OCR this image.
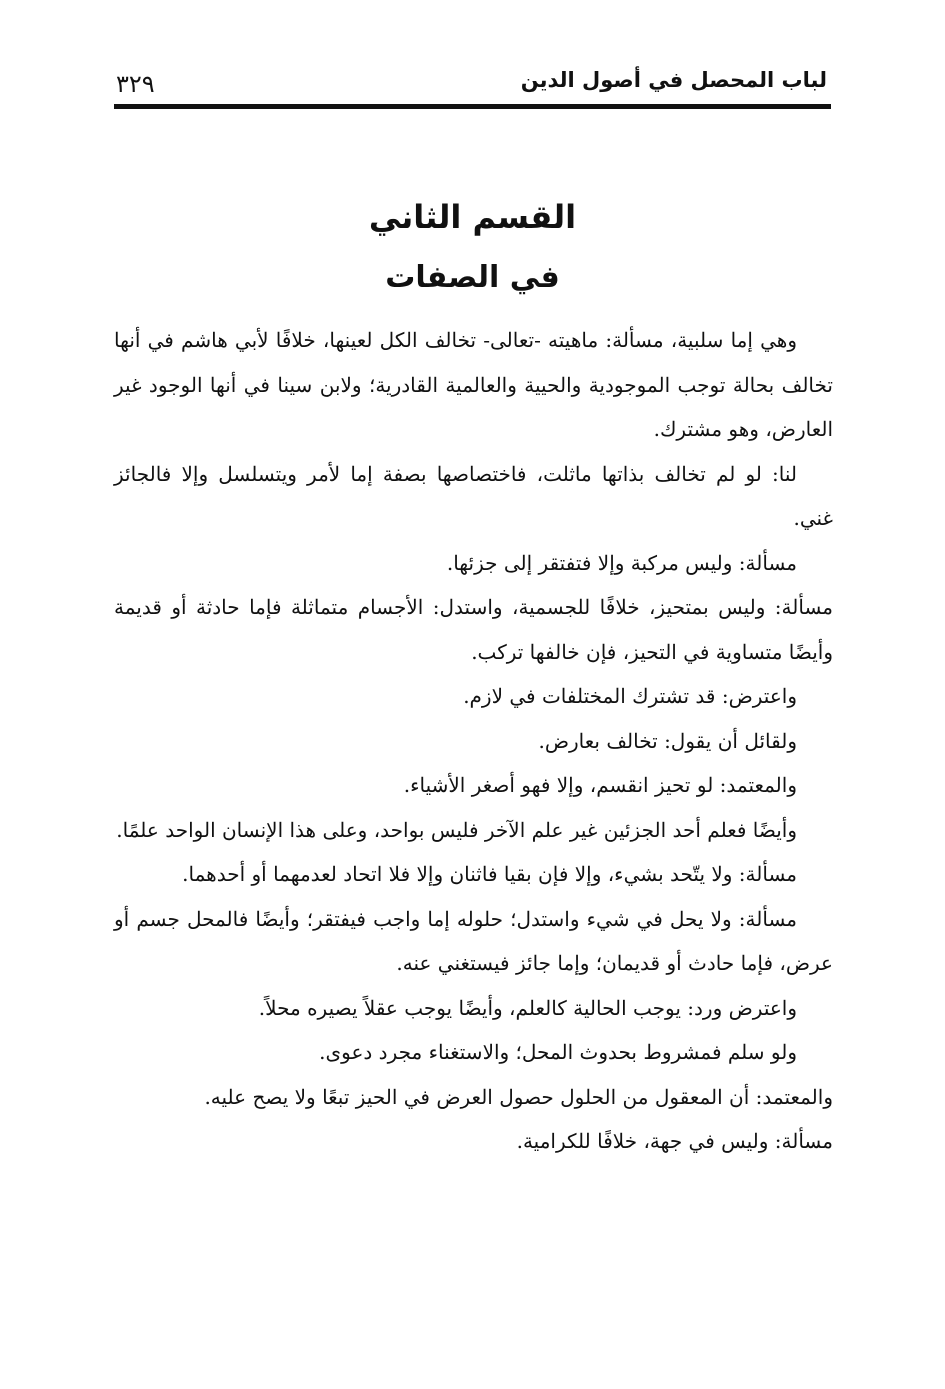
لباب المحصل في أصول الدين
٣٢٩
القسم الثاني
في الصفات

وهي إما سلبية، مسألة: ماهيته -تعالى- تخالف الكل لعينها، خلافًا لأبي هاشم في أنها تخالف بحالة توجب الموجودية والحيية والعالمية القادرية؛ ولابن سينا في أنها الوجود غير العارض، وهو مشترك.

لنا: لو لم تخالف بذاتها ماثلت، فاختصاصها بصفة إما لأمر ويتسلسل وإلا فالجائز غني.

مسألة: وليس مركبة وإلا فتفتقر إلى جزئها.

مسألة: وليس بمتحيز، خلافًا للجسمية، واستدل: الأجسام متماثلة فإما حادثة أو قديمة وأيضًا متساوية في التحيز، فإن خالفها تركب.

واعترض: قد تشترك المختلفات في لازم.

ولقائل أن يقول: تخالف بعارض.

والمعتمد: لو تحيز انقسم، وإلا فهو أصغر الأشياء.

وأيضًا فعلم أحد الجزئين غير علم الآخر فليس بواحد، وعلى هذا الإنسان الواحد علمًا.

مسألة: ولا يتّحد بشيء، وإلا فإن بقيا فاثنان وإلا فلا اتحاد لعدمهما أو أحدهما.

مسألة: ولا يحل في شيء واستدل؛ حلوله إما واجب فيفتقر؛ وأيضًا فالمحل جسم أو عرض، فإما حادث أو قديمان؛ وإما جائز فيستغني عنه.

واعترض ورد: يوجب الحالية كالعلم، وأيضًا يوجب عقلاً يصيره محلاً.

ولو سلم فمشروط بحدوث المحل؛ والاستغناء مجرد دعوى.

والمعتمد: أن المعقول من الحلول حصول العرض في الحيز تبعًا ولا يصح عليه.

مسألة: وليس في جهة، خلافًا للكرامية.
